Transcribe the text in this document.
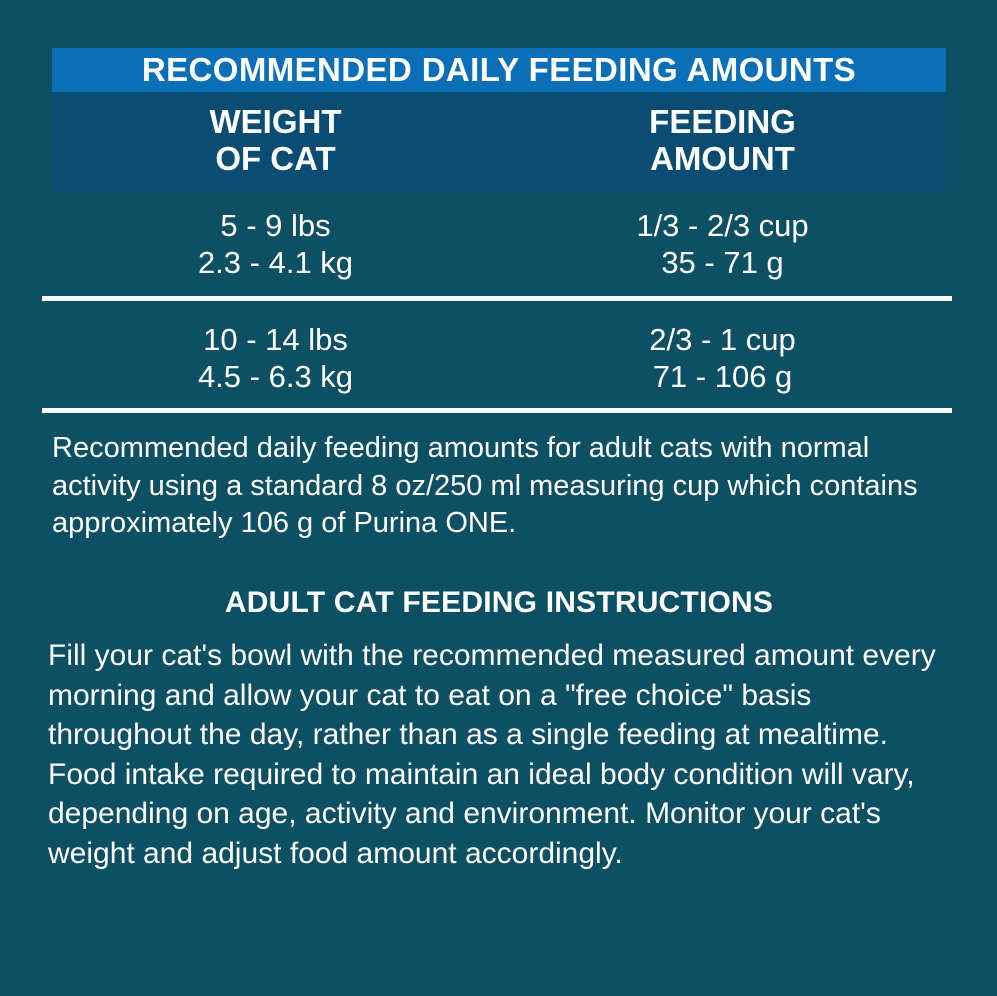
RECOMMENDED DAILY FEEDING AMOUNTS
WEIGHT
OF CAT
FEEDING
AMOUNT
5 - 9 lbs
2.3 - 4.1 kg
1/3 - 2/3 cup
35 - 71 g
10 - 14 lbs
4.5 - 6.3 kg
2/3 - 1 cup
71 - 106 g
Recommended daily feeding amounts for adult cats with normal activity using a standard 8 oz/250 ml measuring cup which contains approximately 106 g of Purina ONE.
ADULT CAT FEEDING INSTRUCTIONS
Fill your cat's bowl with the recommended measured amount every morning and allow your cat to eat on a "free choice" basis throughout the day, rather than as a single feeding at mealtime. Food intake required to maintain an ideal body condition will vary, depending on age, activity and environment. Monitor your cat's weight and adjust food amount accordingly.
